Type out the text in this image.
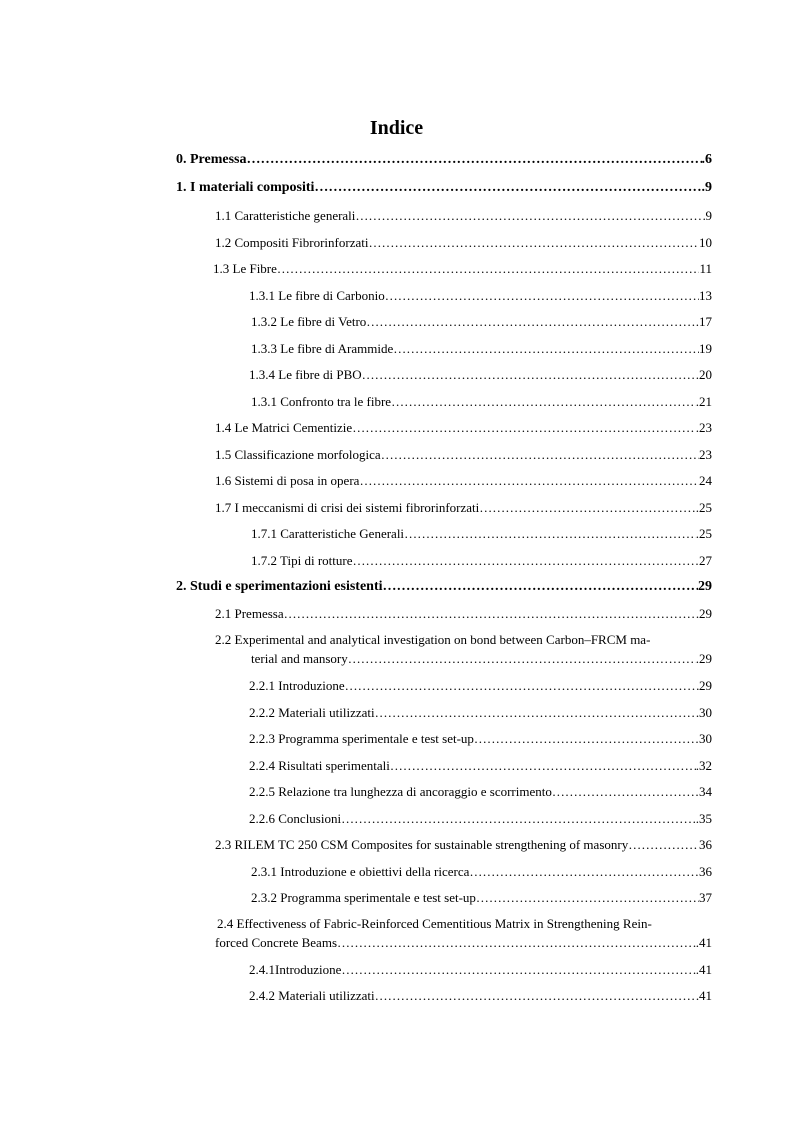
Indice
0. Premessa ………………………………………………………………………………………………………………………………………………………………………………………………………………………………	.6
1. I materiali compositi ………………………………………………………………………………………………………………………………………………………………………………………………………………………………	.9
1.1 Caratteristiche generali ………………………………………………………………………………………………………………………………………………………………………………………………………………………………	9
1.2 Compositi Fibrorinforzati ………………………………………………………………………………………………………………………………………………………………………………………………………………………………	10
1.3 Le Fibre ………………………………………………………………………………………………………………………………………………………………………………………………………………………………	11
1.3.1 Le fibre di Carbonio ………………………………………………………………………………………………………………………………………………………………………………………………………………………………	13
1.3.2 Le fibre di Vetro ………………………………………………………………………………………………………………………………………………………………………………………………………………………………	.17
1.3.3 Le fibre di Arammide ………………………………………………………………………………………………………………………………………………………………………………………………………………………………	19
1.3.4 Le fibre di PBO ………………………………………………………………………………………………………………………………………………………………………………………………………………………………	.20
1.3.1 Confronto tra le fibre ………………………………………………………………………………………………………………………………………………………………………………………………………………………………	.21
1.4 Le Matrici Cementizie ………………………………………………………………………………………………………………………………………………………………………………………………………………………………	.23
1.5 Classificazione morfologica ………………………………………………………………………………………………………………………………………………………………………………………………………………………………	23
1.6 Sistemi di posa in opera ………………………………………………………………………………………………………………………………………………………………………………………………………………………………	24
1.7 I meccanismi di crisi dei sistemi fibrorinforzati ………………………………………………………………………………………………………………………………………………………………………………………………………………………………	.25
1.7.1 Caratteristiche Generali ………………………………………………………………………………………………………………………………………………………………………………………………………………………………	.25
1.7.2 Tipi di rotture ………………………………………………………………………………………………………………………………………………………………………………………………………………………………	27
2. Studi e sperimentazioni esistenti ………………………………………………………………………………………………………………………………………………………………………………………………………………………………	29
2.1 Premessa ………………………………………………………………………………………………………………………………………………………………………………………………………………………………	29
2.2 Experimental and analytical investigation on bond between Carbon–FRCM ma-
terial and mansory ………………………………………………………………………………………………………………………………………………………………………………………………………………………………	.29
2.2.1 Introduzione ………………………………………………………………………………………………………………………………………………………………………………………………………………………………	29
2.2.2 Materiali utilizzati ………………………………………………………………………………………………………………………………………………………………………………………………………………………………	30
2.2.3 Programma sperimentale e test set-up ………………………………………………………………………………………………………………………………………………………………………………………………………………………………	30
2.2.4 Risultati sperimentali ………………………………………………………………………………………………………………………………………………………………………………………………………………………………	.32
2.2.5 Relazione tra lunghezza di ancoraggio e scorrimento ………………………………………………………………………………………………………………………………………………………………………………………………………………………………	34
2.2.6 Conclusioni ………………………………………………………………………………………………………………………………………………………………………………………………………………………………	.35
2.3 RILEM TC 250 CSM Composites for sustainable strengthening of masonry ………………………………………………………………………………………………………………………………………………………………………………………………………………………………	36
2.3.1 Introduzione e obiettivi della ricerca ………………………………………………………………………………………………………………………………………………………………………………………………………………………………	36
2.3.2 Programma sperimentale e test set-up ………………………………………………………………………………………………………………………………………………………………………………………………………………………………	37
2.4 Effectiveness of Fabric-Reinforced Cementitious Matrix in Strengthening Rein-
forced Concrete Beams ………………………………………………………………………………………………………………………………………………………………………………………………………………………………	.41
2.4.1Introduzione ………………………………………………………………………………………………………………………………………………………………………………………………………………………………	.41
2.4.2 Materiali utilizzati ………………………………………………………………………………………………………………………………………………………………………………………………………………………………	41
